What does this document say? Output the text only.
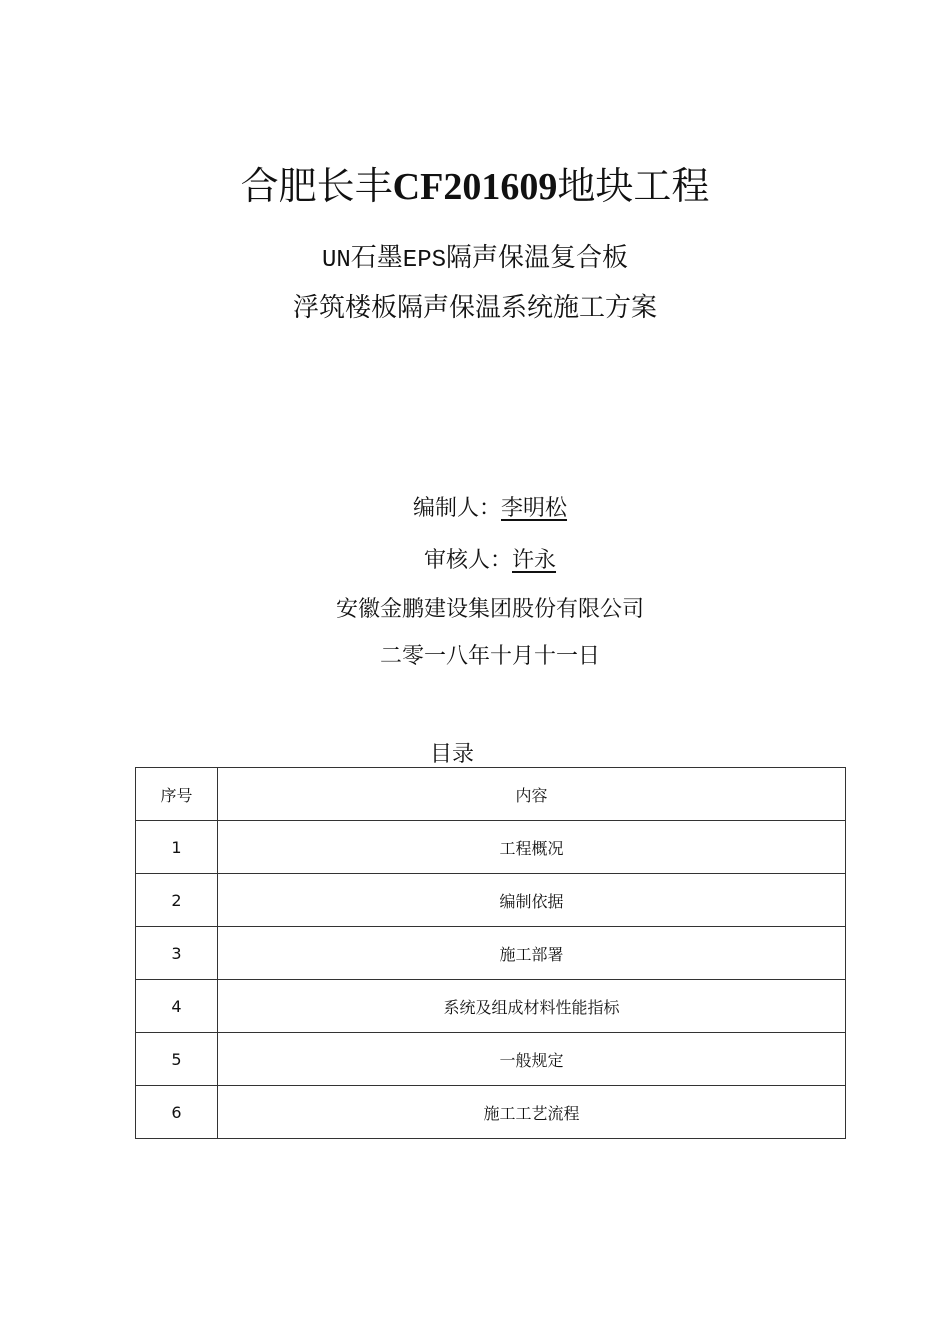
合肥长丰CF201609地块工程
UN石墨EPS隔声保温复合板
浮筑楼板隔声保温系统施工方案
编制人：李明松
审核人：许永
安徽金鹏建设集团股份有限公司
二零一八年十月十一日
目录
序号	内容
1	工程概况
2	编制依据
3	施工部署
4	系统及组成材料性能指标
5	一般规定
6	施工工艺流程
